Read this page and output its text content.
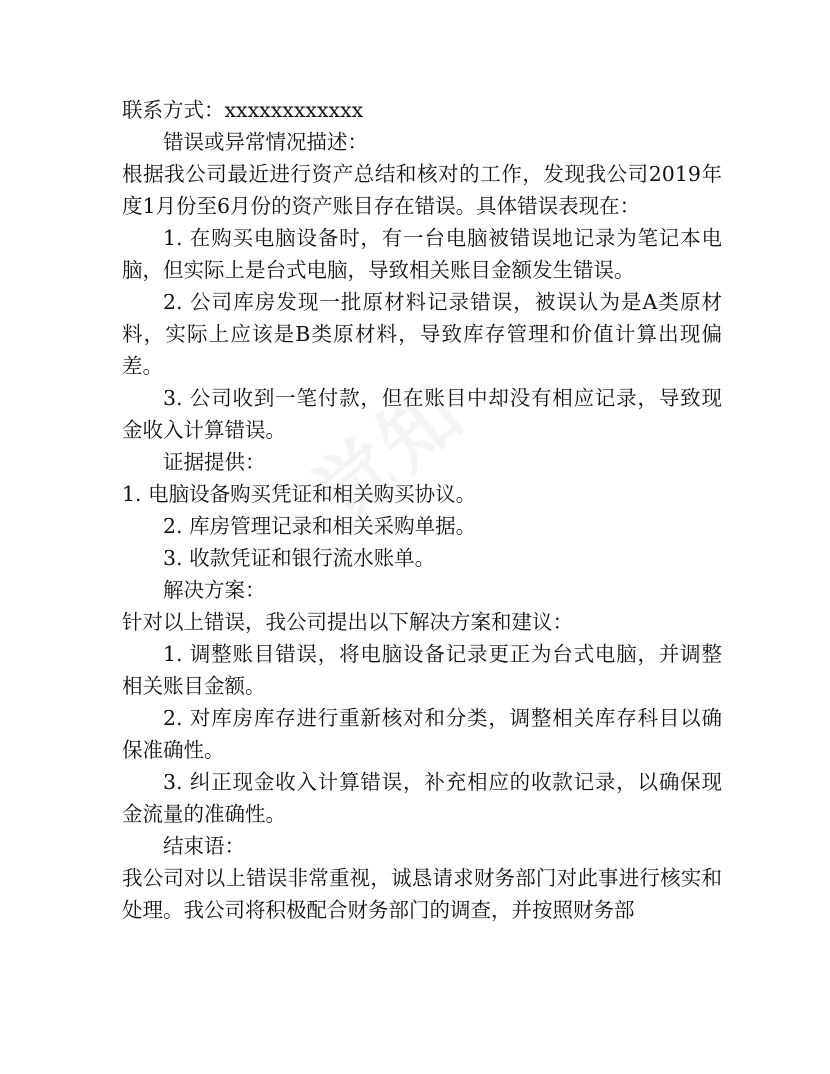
联系方式：xxxxxxxxxxxx

错误或异常情况描述：

根据我公司最近进行资产总结和核对的工作，发现我公司2019年度1月份至6月份的资产账目存在错误。具体错误表现在：

1. 在购买电脑设备时，有一台电脑被错误地记录为笔记本电脑，但实际上是台式电脑，导致相关账目金额发生错误。

2. 公司库房发现一批原材料记录错误，被误认为是A类原材料，实际上应该是B类原材料，导致库存管理和价值计算出现偏差。

3. 公司收到一笔付款，但在账目中却没有相应记录，导致现金收入计算错误。

证据提供：

1. 电脑设备购买凭证和相关购买协议。

2. 库房管理记录和相关采购单据。

3. 收款凭证和银行流水账单。

解决方案：

针对以上错误，我公司提出以下解决方案和建议：

1. 调整账目错误，将电脑设备记录更正为台式电脑，并调整相关账目金额。

2. 对库房库存进行重新核对和分类，调整相关库存科目以确保准确性。

3. 纠正现金收入计算错误，补充相应的收款记录，以确保现金流量的准确性。

结束语：

我公司对以上错误非常重视，诚恳请求财务部门对此事进行核实和处理。我公司将积极配合财务部门的调查，并按照财务部
